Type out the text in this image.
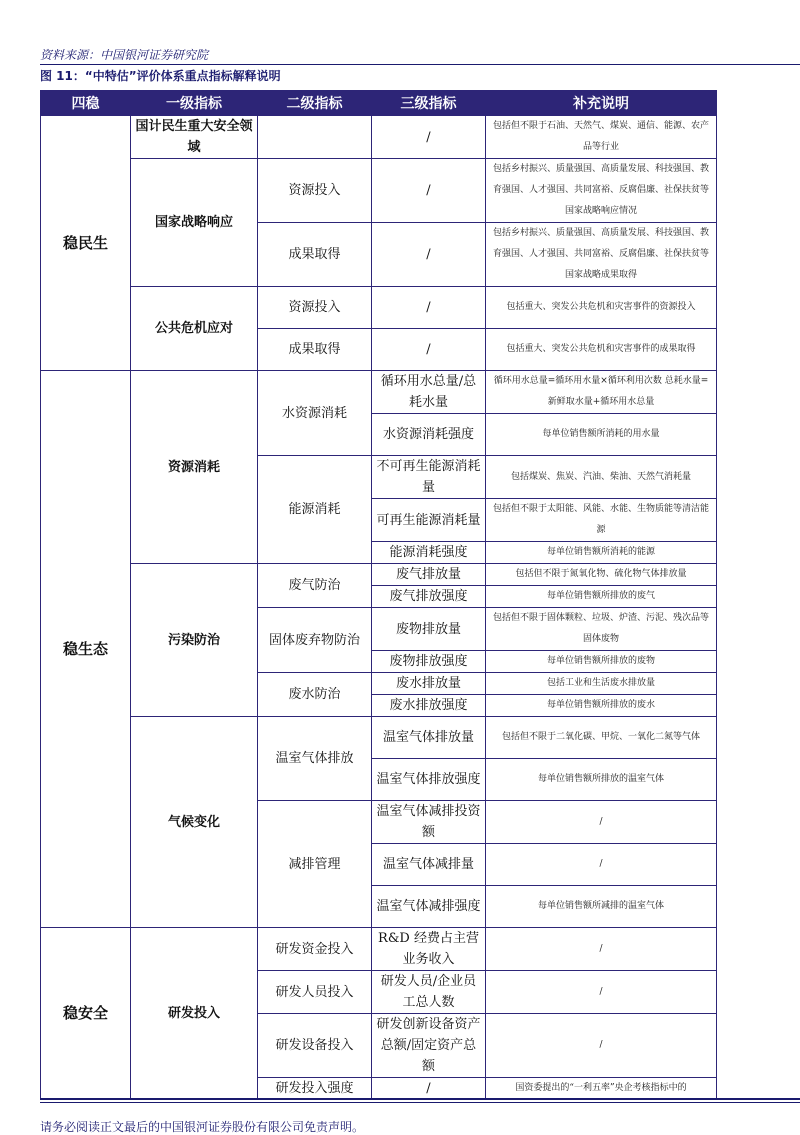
资料来源：中国银河证券研究院
图 11：“中特估”评价体系重点指标解释说明
四稳	一级指标	二级指标	三级指标	补充说明
稳民生	国计民生重大安全领域		/	包括但不限于石油、天然气、煤炭、通信、能源、农产品等行业
	国家战略响应	资源投入	/	包括乡村振兴、质量强国、高质量发展、科技强国、教育强国、人才强国、共同富裕、反腐倡廉、社保扶贫等国家战略响应情况
		成果取得	/	包括乡村振兴、质量强国、高质量发展、科技强国、教育强国、人才强国、共同富裕、反腐倡廉、社保扶贫等国家战略成果取得
	公共危机应对	资源投入	/	包括重大、突发公共危机和灾害事件的资源投入
		成果取得	/	包括重大、突发公共危机和灾害事件的成果取得
稳生态	资源消耗	水资源消耗	循环用水总量/总耗水量	循环用水总量=循环用水量×循环利用次数 总耗水量=新鲜取水量+循环用水总量
			水资源消耗强度	每单位销售额所消耗的用水量
		能源消耗	不可再生能源消耗量	包括煤炭、焦炭、汽油、柴油、天然气消耗量
			可再生能源消耗量	包括但不限于太阳能、风能、水能、生物质能等清洁能源
			能源消耗强度	每单位销售额所消耗的能源
	污染防治	废气防治	废气排放量	包括但不限于氮氧化物、硫化物气体排放量
			废气排放强度	每单位销售额所排放的废气
		固体废弃物防治	废物排放量	包括但不限于固体颗粒、垃圾、炉渣、污泥、残次品等固体废物
			废物排放强度	每单位销售额所排放的废物
		废水防治	废水排放量	包括工业和生活废水排放量
			废水排放强度	每单位销售额所排放的废水
	气候变化	温室气体排放	温室气体排放量	包括但不限于二氧化碳、甲烷、一氧化二氮等气体
			温室气体排放强度	每单位销售额所排放的温室气体
		减排管理	温室气体减排投资额	/
			温室气体减排量	/
			温室气体减排强度	每单位销售额所减排的温室气体
稳安全	研发投入	研发资金投入	R&D 经费占主营业务收入	/
		研发人员投入	研发人员/企业员工总人数	/
		研发设备投入	研发创新设备资产总额/固定资产总额	/
		研发投入强度	/	国资委提出的“一利五率”央企考核指标中的
请务必阅读正文最后的中国银河证券股份有限公司免责声明。
